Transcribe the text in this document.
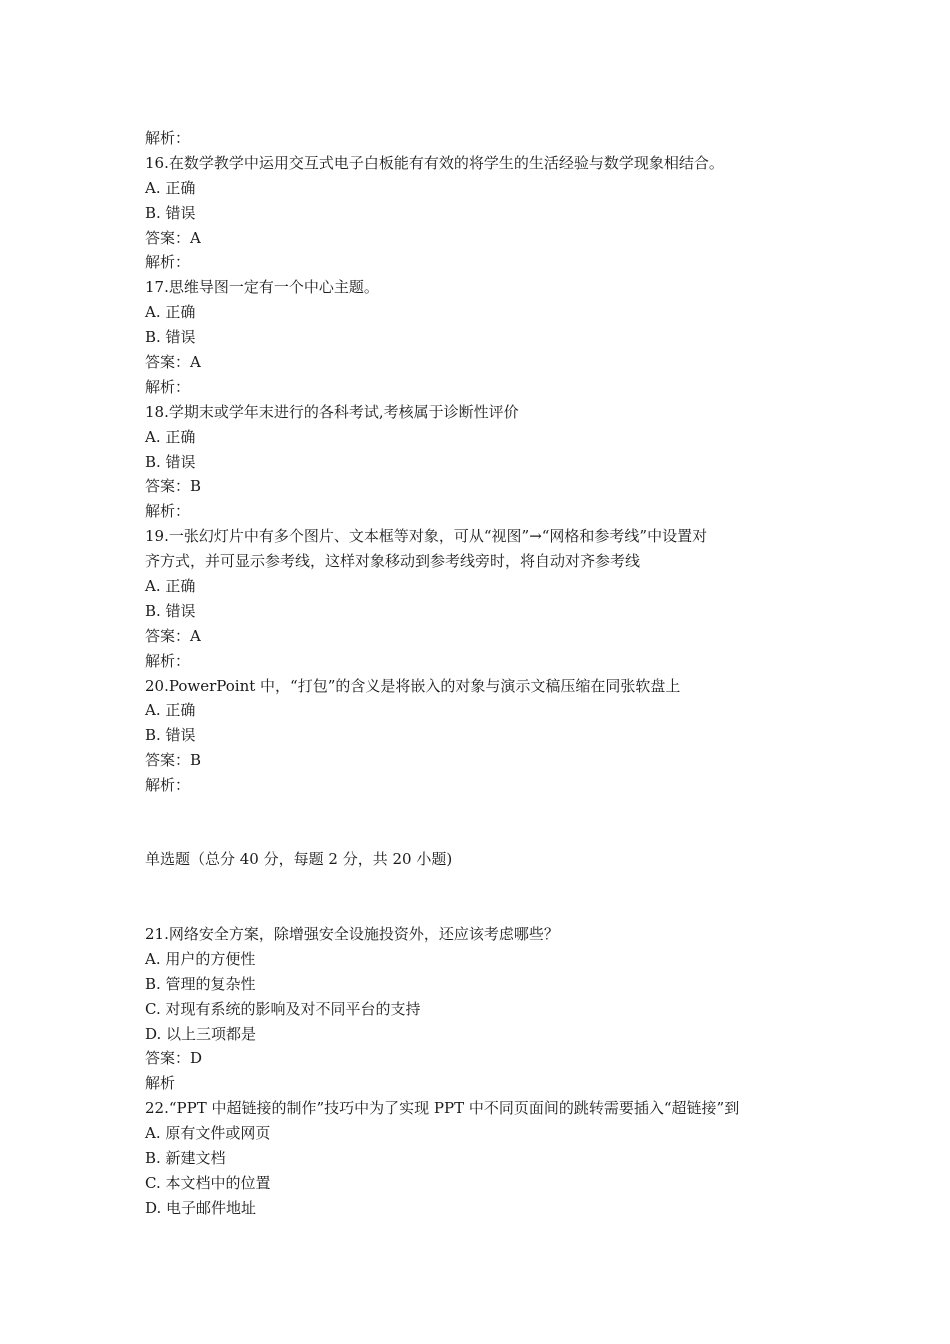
解析：
16.在数学教学中运用交互式电子白板能有有效的将学生的生活经验与数学现象相结合。
A. 正确
B. 错误
答案：A
解析：
17.思维导图一定有一个中心主题。
A. 正确
B. 错误
答案：A
解析：
18.学期末或学年末进行的各科考试,考核属于诊断性评价
A. 正确
B. 错误
答案：B
解析：
19.一张幻灯片中有多个图片、文本框等对象，可从“视图”→“网格和参考线”中设置对
齐方式，并可显示参考线，这样对象移动到参考线旁时，将自动对齐参考线
A. 正确
B. 错误
答案：A
解析：
20.PowerPoint 中，“打包”的含义是将嵌入的对象与演示文稿压缩在同张软盘上
A. 正确
B. 错误
答案：B
解析：
单选题（总分 40 分，每题 2 分，共 20 小题)
21.网络安全方案，除增强安全设施投资外，还应该考虑哪些？
A. 用户的方便性
B. 管理的复杂性
C. 对现有系统的影响及对不同平台的支持
D. 以上三项都是
答案：D
解析
22.“PPT 中超链接的制作”技巧中为了实现 PPT 中不同页面间的跳转需要插入“超链接”到
A. 原有文件或网页
B. 新建文档
C. 本文档中的位置
D. 电子邮件地址
